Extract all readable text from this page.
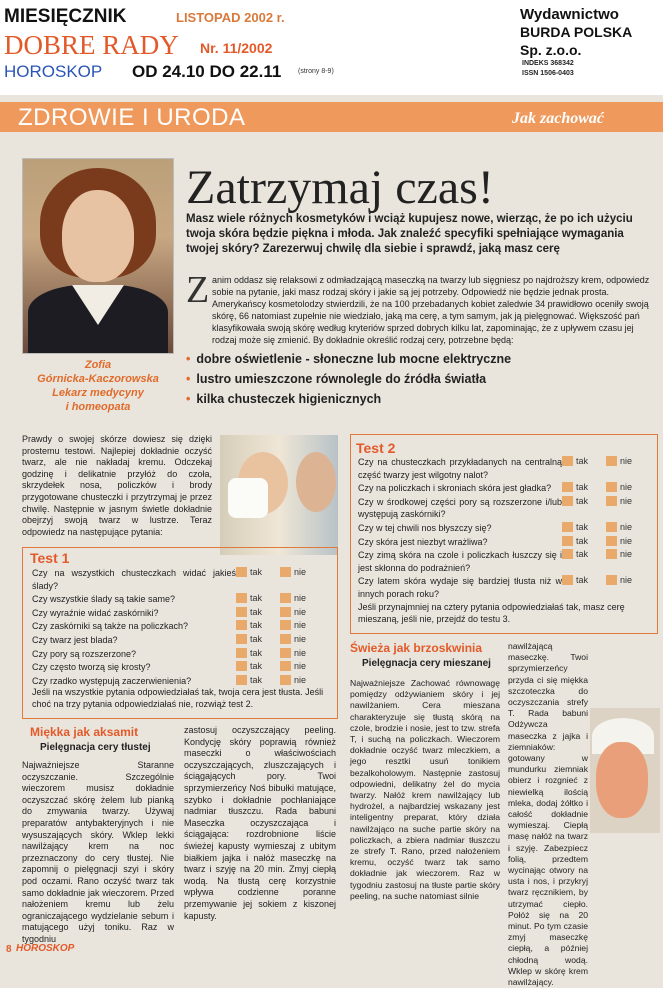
MIESIĘCZNIK	LISTOPAD 2002 r.
DOBRE RADY Nr. 11/2002
HOROSKOP OD 24.10 DO 22.11 (strony 8-9)
Wydawnictwo
BURDA POLSKA
Sp. z.o.o.
INDEKS 368342
ISSN 1506-0403
ZDROWIE I URODA	Jak zachować
Zofia
Górnicka-Kaczorowska
Lekarz medycyny
i homeopata
Zatrzymaj czas!
Masz wiele różnych kosmetyków i wciąż kupujesz nowe, wierząc, że po ich użyciu twoja skóra będzie piękna i młoda. Jak znaleźć specyfiki spełniające wymagania twojej skóry? Zarezerwuj chwilę dla siebie i sprawdź, jaką masz cerę
Z anim oddasz się relaksowi z odmładzającą maseczką na twarzy lub sięgniesz po najdroższy krem, odpowiedz sobie na pytanie, jaki masz rodzaj skóry i jakie są jej potrzeby. Odpowiedź nie będzie jednak prosta. Amerykańscy kosmetolodzy stwierdzili, że na 100 przebadanych kobiet zaledwie 34 prawidłowo oceniły swoją skórę, 66 natomiast zupełnie nie wiedziało, jaką ma cerę, a tym samym, jak ją pielęgnować. Większość pań klasyfikowała swoją skórę według kryteriów sprzed dobrych kilku lat, zapominając, że z upływem czasu jej rodzaj może się zmienić. By dokładnie określić rodzaj cery, potrzebne będą:
• dobre oświetlenie - słoneczne lub mocne elektryczne
• lustro umieszczone równolegle do źródła światła
• kilka chusteczek higienicznych
Prawdy o swojej skórze dowiesz się dzięki prostemu testowi. Najlepiej dokładnie oczyść twarz, ale nie nakładaj kremu. Odczekaj godzinę i delikatnie przyłóż do czoła, skrzydełek nosa, policzków i brody przygotowane chusteczki i przytrzymaj je przez chwilę. Następnie w jasnym świetle dokładnie obejrzyj swoją twarz w lustrze. Teraz odpowiedz na następujące pytania:
Test 1
Czy na wszystkich chusteczkach widać jakieś ślady?
tak	nie
Czy wszystkie ślady są takie same?	tak	nie
Czy wyraźnie widać zaskórniki?	tak	nie
Czy zaskórniki są także na policzkach?	tak	nie
Czy twarz jest blada?	tak	nie
Czy pory są rozszerzone?	tak	nie
Czy często tworzą się krosty?	tak	nie
Czy rzadko występują zaczerwienienia?	tak	nie
Jeśli na wszystkie pytania odpowiedziałaś tak, twoja cera jest tłusta. Jeśli choć na trzy pytania odpowiedziałaś nie, rozwiąż test 2.
Test 2
Czy na chusteczkach przykładanych na centralną część twarzy jest wilgotny nalot?
tak	nie
Czy na policzkach i skroniach skóra jest gładka?	tak	nie
Czy w środkowej części pory są rozszerzone i/lub występują zaskórniki?
tak	nie
Czy w tej chwili nos błyszczy się?	tak	nie
Czy skóra jest niezbyt wrażliwa?	tak	nie
Czy zimą skóra na czole i policzkach łuszczy się i jest skłonna do podrażnień?
tak	nie
Czy latem skóra wydaje się bardziej tłusta niż w innych porach roku?
tak	nie
Jeśli przynajmniej na cztery pytania odpowiedziałaś tak, masz cerę mieszaną, jeśli nie, przejdź do testu 3.
Miękka jak aksamit
Pielęgnacja cery tłustej
Najważniejsze Staranne oczyszczanie. Szczególnie wieczorem musisz dokładnie oczyszczać skórę żelem lub pianką do zmywania twarzy. Używaj preparatów antybakteryjnych i nie wysuszających skóry. Wklep lekki nawilżający krem na noc przeznaczony do cery tłustej. Nie zapomnij o pielęgnacji szyi i skóry pod oczami. Rano oczyść twarz tak samo dokładnie jak wieczorem. Przed nałożeniem kremu lub żelu ograniczającego wydzielanie sebum i matującego użyj toniku. Raz w tygodniu
zastosuj oczyszczający peeling. Kondycję skóry poprawią również maseczki o właściwościach oczyszczających, zluszczających i ściągających pory. Twoi sprzymierzeńcy Noś bibułki matujące, szybko i dokładnie pochłaniające nadmiar tłuszczu. Rada babuni Maseczka oczyszczająca i ściągająca: rozdrobnione liście świeżej kapusty wymieszaj z ubitym białkiem jajka i nałóż maseczkę na twarz i szyję na 20 min. Zmyj ciepłą wodą. Na tłustą cerę korzystnie wpływa codzienne poranne przemywanie jej sokiem z kiszonej kapusty.
Świeża jak brzoskwinia
Pielęgnacja cery mieszanej
Najważniejsze Zachować równowagę pomiędzy odżywianiem skóry i jej nawilżaniem. Cera mieszana charakteryzuje się tłustą skórą na czole, brodzie i nosie, jest to tzw. strefa T, i suchą na policzkach. Wieczorem dokładnie oczyść twarz mleczkiem, a jego resztki usuń tonikiem bezalkoholowym. Następnie zastosuj odpowiedni, delikatny żel do mycia twarzy. Nałóż krem nawilżający lub hydrożel, a najbardziej wskazany jest inteligentny preparat, który działa nawilżająco na suche partie skóry na policzkach, a zbiera nadmiar tłuszczu ze strefy T. Rano, przed nałożeniem kremu, oczyść twarz tak samo dokładnie jak wieczorem. Raz w tygodniu zastosuj na tłuste partie skóry peeling, na suche natomiast silnie
nawilżającą maseczkę. Twoi sprzymierzeńcy przyda ci się miękka szczoteczka do oczyszczania strefy T. Rada babuni Odżywcza maseczka z jajka i ziemniaków: gotowany w mundurku ziemniak obierz i rozgnieć z niewielką ilością mleka, dodaj żółtko i całość dokładnie wymieszaj. Ciepłą masę nałóż na twarz i szyję. Zabezpiecz folią, przedtem wycinając otwory na usta i nos, i przykryj twarz ręcznikiem, by utrzymać ciepło. Połóż się na 20 minut. Po tym czasie zmyj maseczkę ciepłą, a później chłodną wodą. Wklep w skórę krem nawilżający.
8 HOROSKOP
